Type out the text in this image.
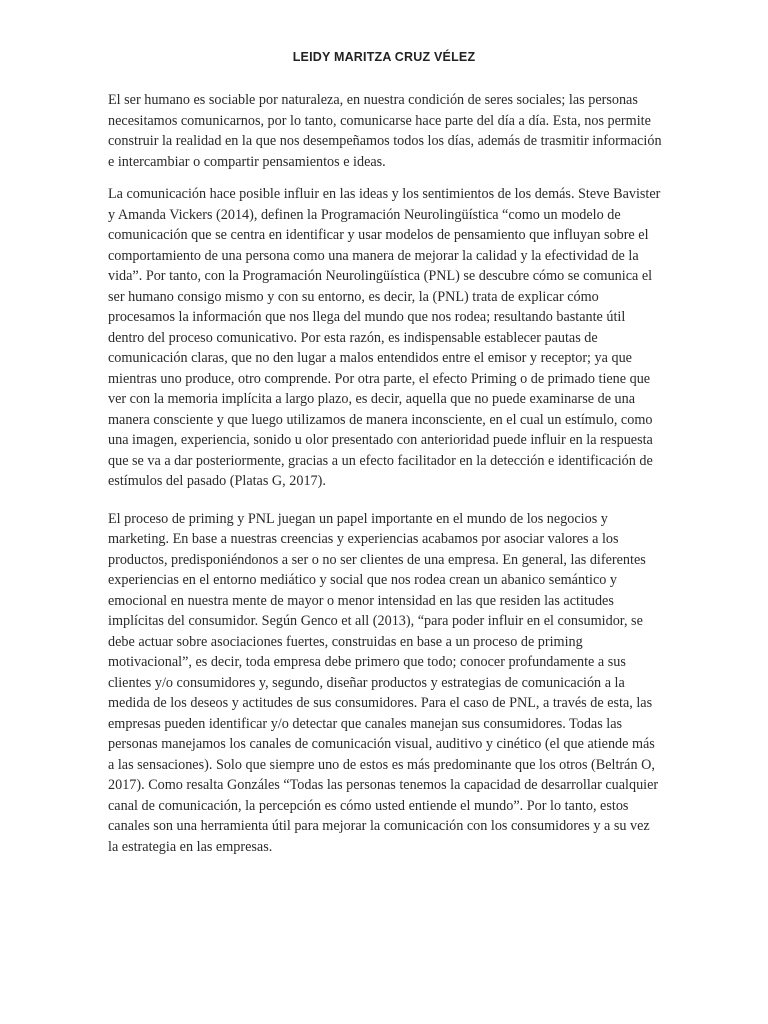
LEIDY MARITZA CRUZ VÉLEZ

El ser humano es sociable por naturaleza, en nuestra condición de seres sociales; las personas necesitamos comunicarnos, por lo tanto, comunicarse hace parte del día a día. Esta, nos permite construir la realidad en la que nos desempeñamos todos los días, además de trasmitir información e intercambiar o compartir pensamientos e ideas.

La comunicación hace posible influir en las ideas y los sentimientos de los demás. Steve Bavister y Amanda Vickers (2014), definen la Programación Neurolingüística “como un modelo de comunicación que se centra en identificar y usar modelos de pensamiento que influyan sobre el comportamiento de una persona como una manera de mejorar la calidad y la efectividad de la vida”. Por tanto, con la Programación Neurolingüística (PNL) se descubre cómo se comunica el ser humano consigo mismo y con su entorno, es decir, la (PNL) trata de explicar cómo procesamos la información que nos llega del mundo que nos rodea; resultando bastante útil dentro del proceso comunicativo. Por esta razón, es indispensable establecer pautas de comunicación claras, que no den lugar a malos entendidos entre el emisor y receptor; ya que mientras uno produce, otro comprende. Por otra parte, el efecto Priming o de primado tiene que ver con la memoria implícita a largo plazo, es decir, aquella que no puede examinarse de una manera consciente y que luego utilizamos de manera inconsciente, en el cual un estímulo, como una imagen, experiencia, sonido u olor presentado con anterioridad puede influir en la respuesta que se va a dar posteriormente, gracias a un efecto facilitador en la detección e identificación de estímulos del pasado (Platas G, 2017).

El proceso de priming y PNL juegan un papel importante en el mundo de los negocios y marketing. En base a nuestras creencias y experiencias acabamos por asociar valores a los productos, predisponiéndonos a ser o no ser clientes de una empresa. En general, las diferentes experiencias en el entorno mediático y social que nos rodea crean un abanico semántico y emocional en nuestra mente de mayor o menor intensidad en las que residen las actitudes implícitas del consumidor. Según Genco et all (2013), “para poder influir en el consumidor, se debe actuar sobre asociaciones fuertes, construidas en base a un proceso de priming motivacional”, es decir, toda empresa debe primero que todo; conocer profundamente a sus clientes y/o consumidores y, segundo, diseñar productos y estrategias de comunicación a la medida de los deseos y actitudes de sus consumidores. Para el caso de PNL, a través de esta, las empresas pueden identificar y/o detectar que canales manejan sus consumidores. Todas las personas manejamos los canales de comunicación visual, auditivo y cinético (el que atiende más a las sensaciones). Solo que siempre uno de estos es más predominante que los otros (Beltrán O, 2017). Como resalta Gonzáles “Todas las personas tenemos la capacidad de desarrollar cualquier canal de comunicación, la percepción es cómo usted entiende el mundo”. Por lo tanto, estos canales son una herramienta útil para mejorar la comunicación con los consumidores y a su vez la estrategia en las empresas.
